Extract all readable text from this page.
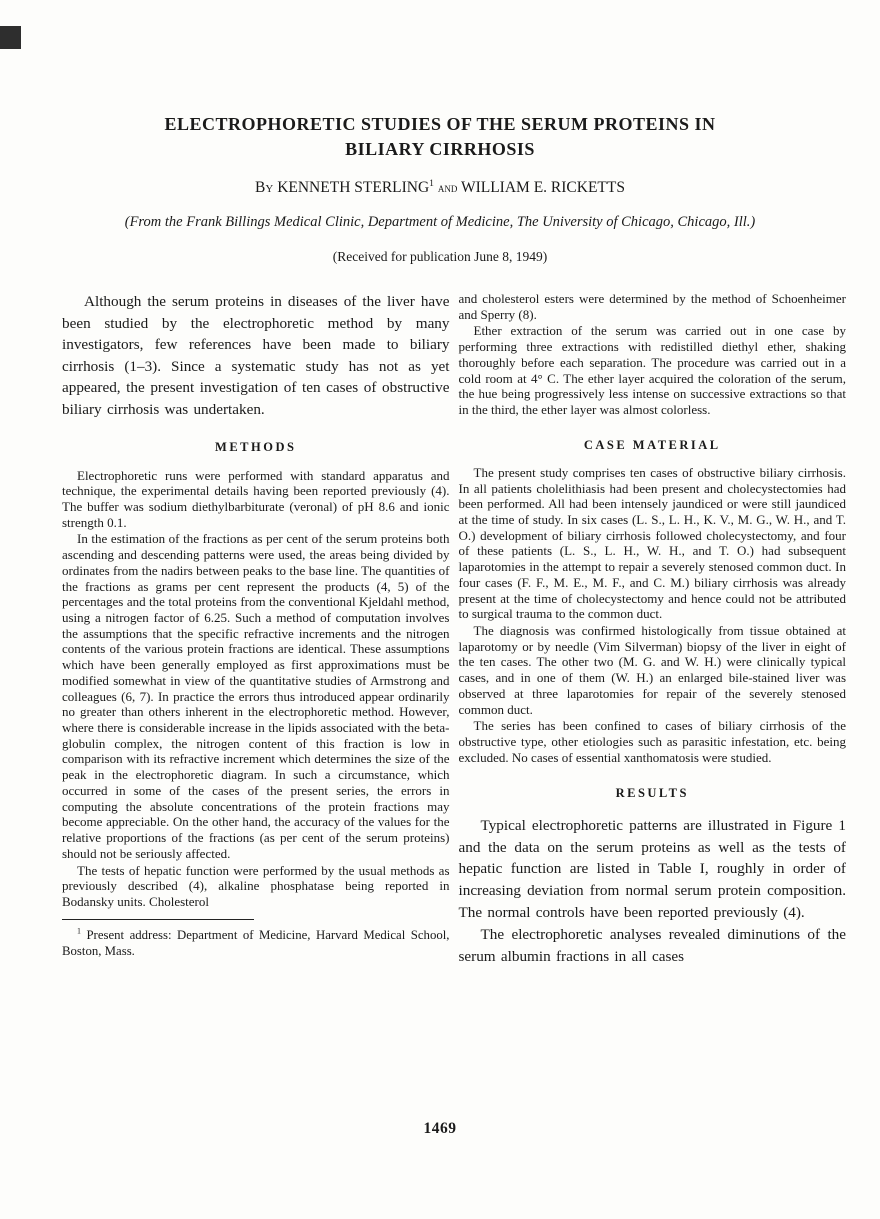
ELECTROPHORETIC STUDIES OF THE SERUM PROTEINS IN BILIARY CIRRHOSIS
By KENNETH STERLING$^1$ and WILLIAM E. RICKETTS
(From the Frank Billings Medical Clinic, Department of Medicine, The University of Chicago, Chicago, Ill.)
(Received for publication June 8, 1949)

Although the serum proteins in diseases of the liver have been studied by the electrophoretic method by many investigators, few references have been made to biliary cirrhosis (1–3). Since a systematic study has not as yet appeared, the present investigation of ten cases of obstructive biliary cirrhosis was undertaken.

METHODS

Electrophoretic runs were performed with standard apparatus and technique, the experimental details having been reported previously (4). The buffer was sodium diethylbarbiturate (veronal) of pH 8.6 and ionic strength 0.1.

In the estimation of the fractions as per cent of the serum proteins both ascending and descending patterns were used, the areas being divided by ordinates from the nadirs between peaks to the base line. The quantities of the fractions as grams per cent represent the products (4, 5) of the percentages and the total proteins from the conventional Kjeldahl method, using a nitrogen factor of 6.25. Such a method of computation involves the assumptions that the specific refractive increments and the nitrogen contents of the various protein fractions are identical. These assumptions which have been generally employed as first approximations must be modified somewhat in view of the quantitative studies of Armstrong and colleagues (6, 7). In practice the errors thus introduced appear ordinarily no greater than others inherent in the electrophoretic method. However, where there is considerable increase in the lipids associated with the beta-globulin complex, the nitrogen content of this fraction is low in comparison with its refractive increment which determines the size of the peak in the electrophoretic diagram. In such a circumstance, which occurred in some of the cases of the present series, the errors in computing the absolute concentrations of the protein fractions may become appreciable. On the other hand, the accuracy of the values for the relative proportions of the fractions (as per cent of the serum proteins) should not be seriously affected.

The tests of hepatic function were performed by the usual methods as previously described (4), alkaline phosphatase being reported in Bodansky units. Cholesterol

$^1$ Present address: Department of Medicine, Harvard Medical School, Boston, Mass.

and cholesterol esters were determined by the method of Schoenheimer and Sperry (8).

Ether extraction of the serum was carried out in one case by performing three extractions with redistilled diethyl ether, shaking thoroughly before each separation. The procedure was carried out in a cold room at 4° C. The ether layer acquired the coloration of the serum, the hue being progressively less intense on successive extractions so that in the third, the ether layer was almost colorless.

CASE MATERIAL

The present study comprises ten cases of obstructive biliary cirrhosis. In all patients cholelithiasis had been present and cholecystectomies had been performed. All had been intensely jaundiced or were still jaundiced at the time of study. In six cases (L. S., L. H., K. V., M. G., W. H., and T. O.) development of biliary cirrhosis followed cholecystectomy, and four of these patients (L. S., L. H., W. H., and T. O.) had subsequent laparotomies in the attempt to repair a severely stenosed common duct. In four cases (F. F., M. E., M. F., and C. M.) biliary cirrhosis was already present at the time of cholecystectomy and hence could not be attributed to surgical trauma to the common duct.

The diagnosis was confirmed histologically from tissue obtained at laparotomy or by needle (Vim Silverman) biopsy of the liver in eight of the ten cases. The other two (M. G. and W. H.) were clinically typical cases, and in one of them (W. H.) an enlarged bile-stained liver was observed at three laparotomies for repair of the severely stenosed common duct.

The series has been confined to cases of biliary cirrhosis of the obstructive type, other etiologies such as parasitic infestation, etc. being excluded. No cases of essential xanthomatosis were studied.

RESULTS

Typical electrophoretic patterns are illustrated in Figure 1 and the data on the serum proteins as well as the tests of hepatic function are listed in Table I, roughly in order of increasing deviation from normal serum protein composition. The normal controls have been reported previously (4).

The electrophoretic analyses revealed diminutions of the serum albumin fractions in all cases

1469
